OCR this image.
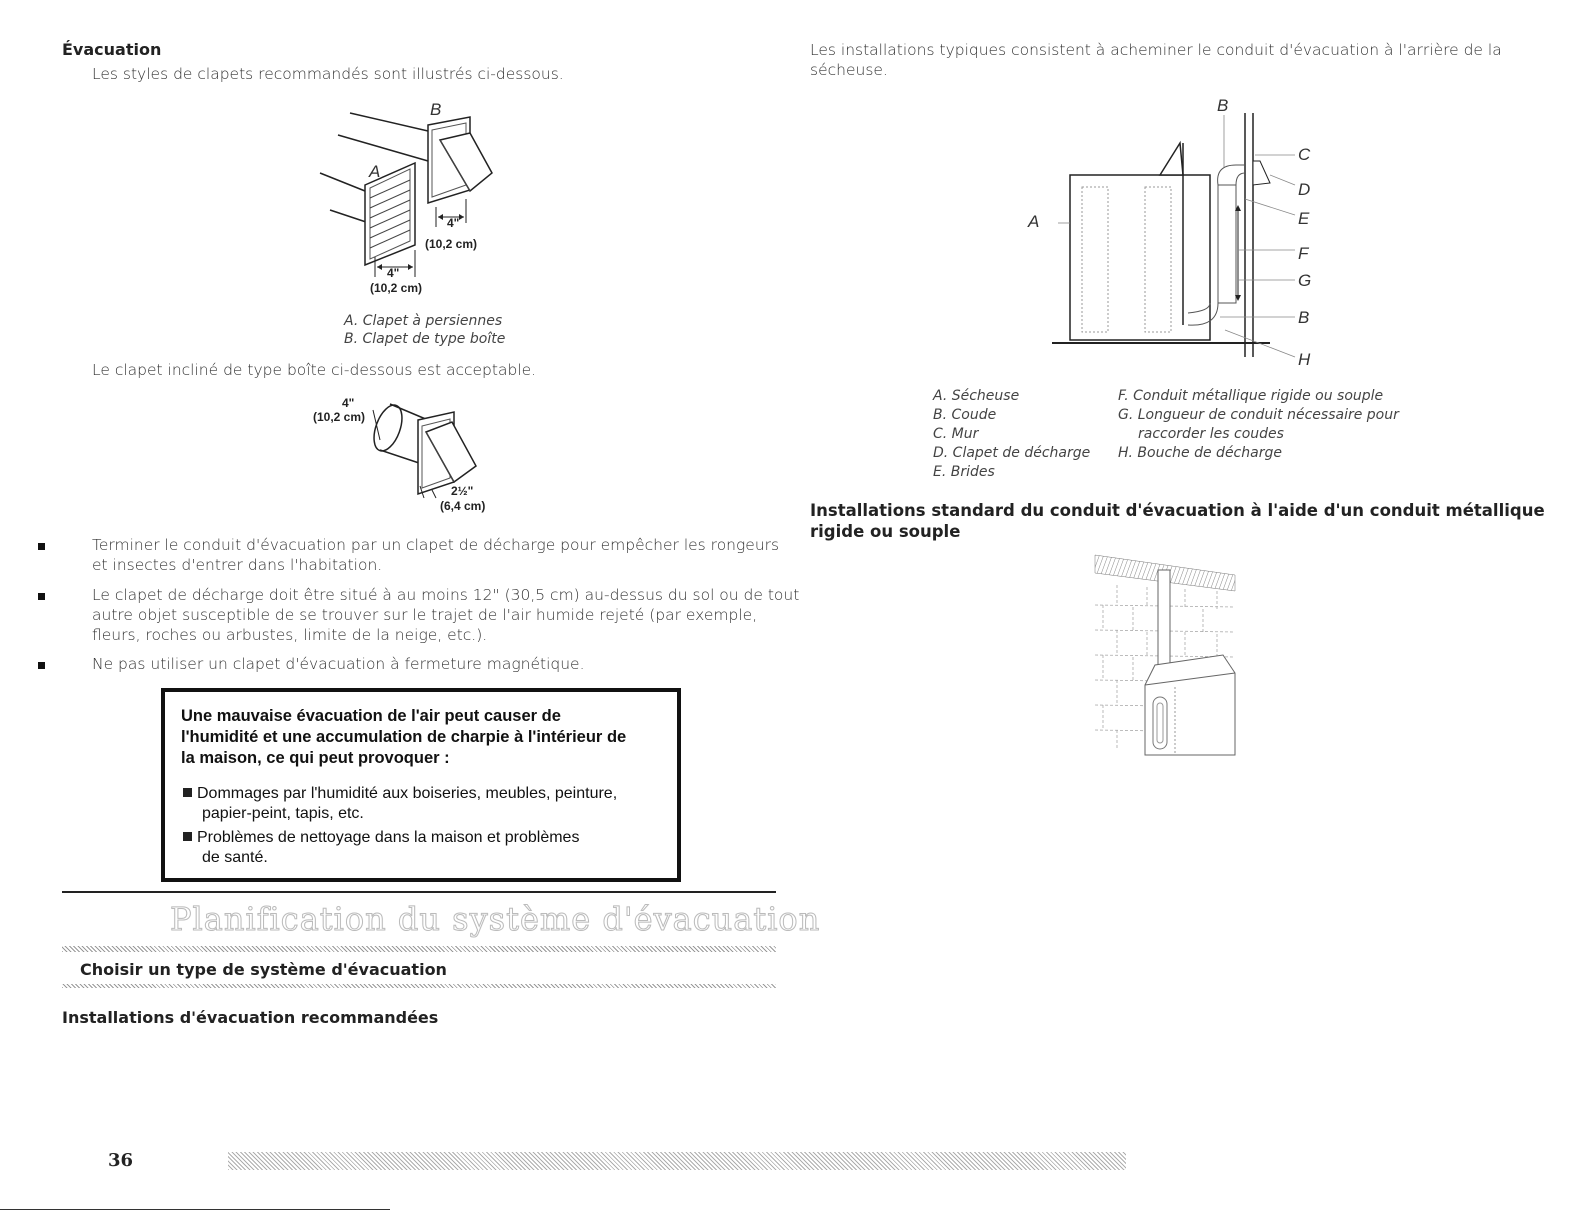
Évacuation
Les styles de clapets recommandés sont illustrés ci-dessous.
B
A
4"
(10,2 cm)
4"
(10,2 cm)
A. Clapet à persiennes
B. Clapet de type boîte
Le clapet incliné de type boîte ci-dessous est acceptable.
4"
(10,2 cm)
2½"
(6,4 cm)
Terminer le conduit d'évacuation par un clapet de décharge pour empêcher les rongeurs
et insectes d'entrer dans l'habitation.
Le clapet de décharge doit être situé à au moins 12" (30,5 cm) au-dessus du sol ou de tout
autre objet susceptible de se trouver sur le trajet de l'air humide rejeté (par exemple,
fleurs, roches ou arbustes, limite de la neige, etc.).
Ne pas utiliser un clapet d'évacuation à fermeture magnétique.
Une mauvaise évacuation de l'air peut causer de
l'humidité et une accumulation de charpie à l'intérieur de
la maison, ce qui peut provoquer :
Dommages par l'humidité aux boiseries, meubles, peinture,
papier-peint, tapis, etc.
Problèmes de nettoyage dans la maison et problèmes
de santé.
Planification du système d'évacuation
Choisir un type de système d'évacuation
Installations d'évacuation recommandées
36
Les installations typiques consistent à acheminer le conduit d'évacuation à l'arrière de la
sécheuse.
B
C
D
E
F
G
B
H
A
A. Sécheuse
B. Coude
C. Mur
D. Clapet de décharge
E. Brides
F. Conduit métallique rigide ou souple
G. Longueur de conduit nécessaire pour
raccorder les coudes
H. Bouche de décharge
Installations standard du conduit d'évacuation à l'aide d'un conduit métallique
rigide ou souple
